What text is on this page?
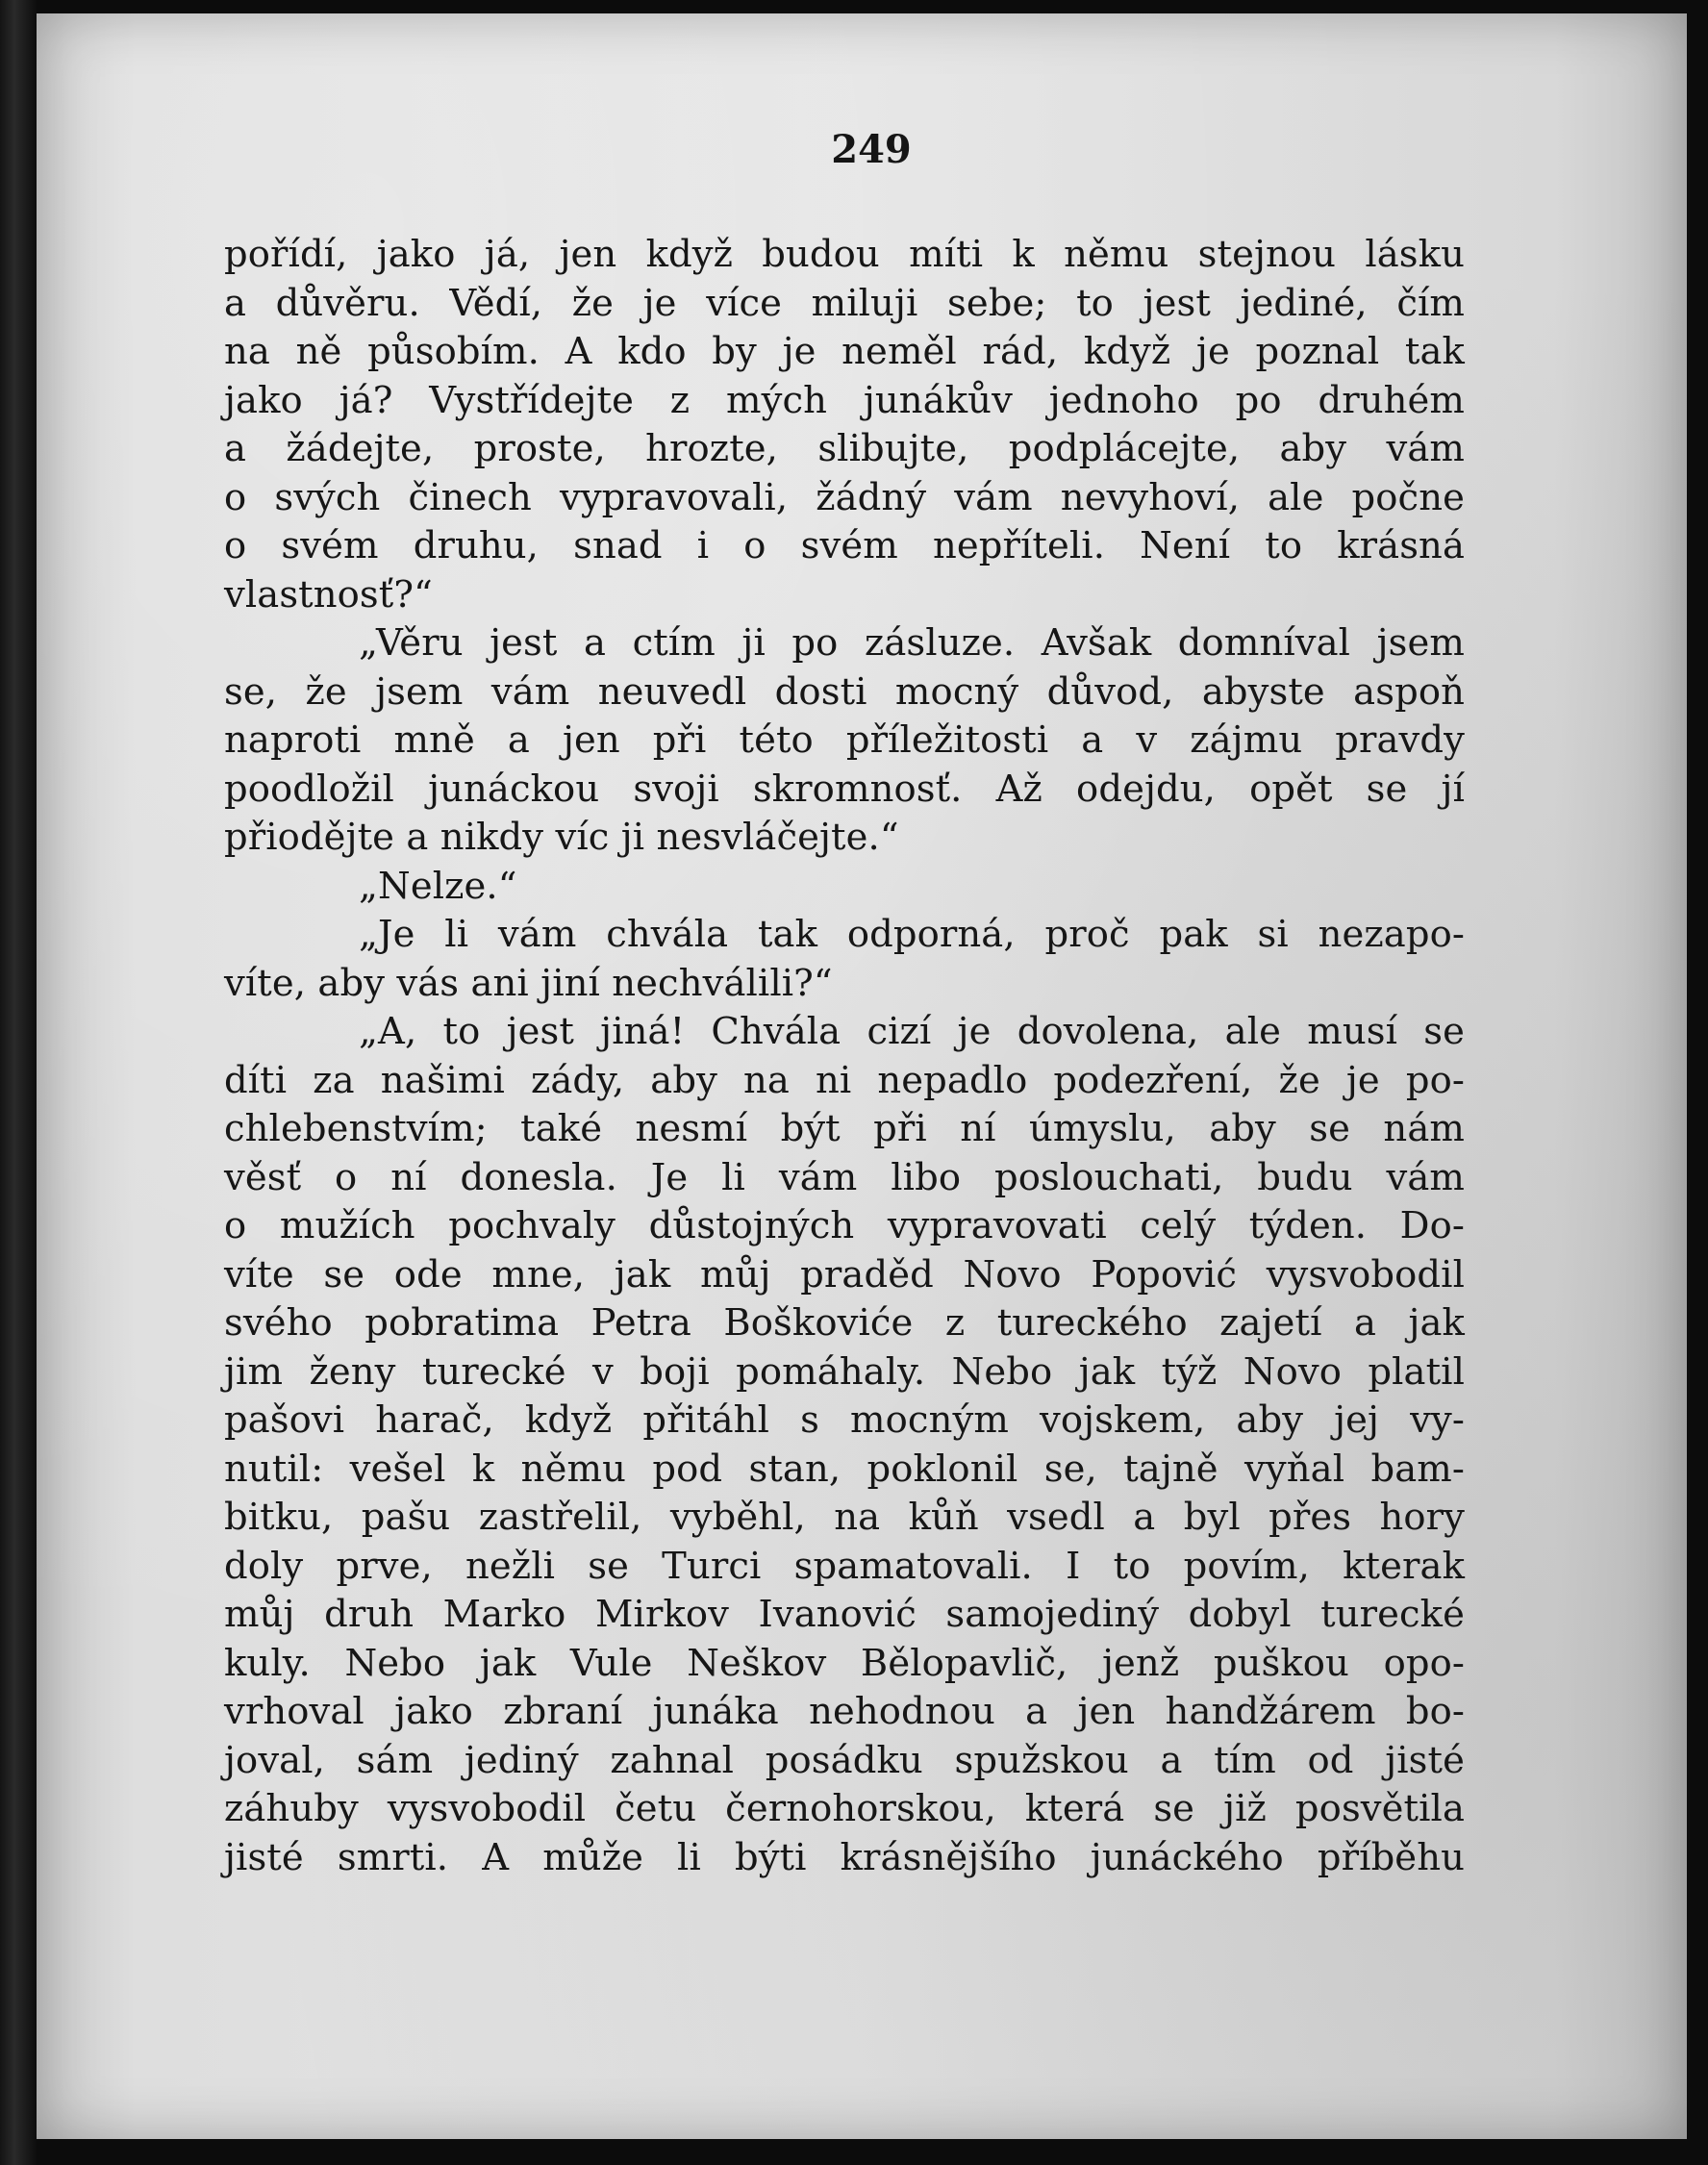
249
pořídí, jako já, jen když budou míti k němu stejnou lásku
a důvěru. Vědí, že je více miluji sebe; to jest jediné, čím
na ně působím. A kdo by je neměl rád, když je poznal tak
jako já? Vystřídejte z mých junákův jednoho po druhém
a žádejte, proste, hrozte, slibujte, podplácejte, aby vám
o svých činech vypravovali, žádný vám nevyhoví, ale počne
o svém druhu, snad i o svém nepříteli. Není to krásná
vlastnosť?“
„Věru jest a ctím ji po zásluze. Avšak domníval jsem
se, že jsem vám neuvedl dosti mocný důvod, abyste aspoň
naproti mně a jen při této příležitosti a v zájmu pravdy
poodložil junáckou svoji skromnosť. Až odejdu, opět se jí
přiodějte a nikdy víc ji nesvláčejte.“
„Nelze.“
„Je li vám chvála tak odporná, proč pak si nezapo-
víte, aby vás ani jiní nechválili?“
„A, to jest jiná! Chvála cizí je dovolena, ale musí se
díti za našimi zády, aby na ni nepadlo podezření, že je po-
chlebenstvím; také nesmí být při ní úmyslu, aby se nám
věsť o ní donesla. Je li vám libo poslouchati, budu vám
o mužích pochvaly důstojných vypravovati celý týden. Do-
víte se ode mne, jak můj praděd Novo Popović vysvobodil
svého pobratima Petra Boškoviće z tureckého zajetí a jak
jim ženy turecké v boji pomáhaly. Nebo jak týž Novo platil
pašovi harač, když přitáhl s mocným vojskem, aby jej vy-
nutil: vešel k němu pod stan, poklonil se, tajně vyňal bam-
bitku, pašu zastřelil, vyběhl, na kůň vsedl a byl přes hory
doly prve, nežli se Turci spamatovali. I to povím, kterak
můj druh Marko Mirkov Ivanović samojediný dobyl turecké
kuly. Nebo jak Vule Neškov Bělopavlič, jenž puškou opo-
vrhoval jako zbraní junáka nehodnou a jen handžárem bo-
joval, sám jediný zahnal posádku spužskou a tím od jisté
záhuby vysvobodil četu černohorskou, která se již posvětila
jisté smrti. A může li býti krásnějšího junáckého příběhu
